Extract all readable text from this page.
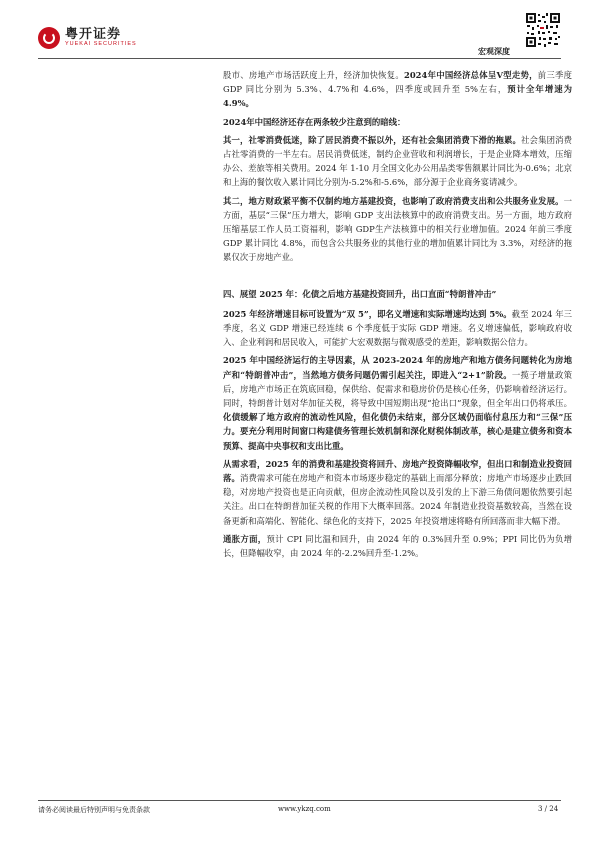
粤开证券
YUEKAI SECURITIES
宏观深度

股市、房地产市场活跃度上升，经济加快恢复。2024年中国经济总体呈V型走势，前三季度 GDP 同比分别为 5.3%、4.7%和 4.6%，四季度或回升至 5%左右，预计全年增速为 4.9%。

2024年中国经济还存在两条较少注意到的暗线：

其一，社零消费低迷，除了居民消费不振以外，还有社会集团消费下滑的拖累。社会集团消费占社零消费的一半左右。居民消费低迷，制约企业营收和利润增长，于是企业降本增效，压缩办公、差旅等相关费用。2024 年 1-10 月全国文化办公用品类零售额累计同比为-0.6%；北京和上海的餐饮收入累计同比分别为-5.2%和-5.6%，部分源于企业商务宴请减少。

其二，地方财政紧平衡不仅制约地方基建投资，也影响了政府消费支出和公共服务业发展。一方面，基层“三保”压力增大，影响 GDP 支出法核算中的政府消费支出。另一方面，地方政府压缩基层工作人员工资福利，影响 GDP生产法核算中的相关行业增加值。2024 年前三季度 GDP 累计同比 4.8%，而包含公共服务业的其他行业的增加值累计同比为 3.3%，对经济的拖累仅次于房地产业。

四、展望 2025 年：化债之后地方基建投资回升，出口直面“特朗普冲击”

2025 年经济增速目标可设置为“双 5”，即名义增速和实际增速均达到 5%。截至 2024 年三季度，名义 GDP 增速已经连续 6 个季度低于实际 GDP 增速。名义增速偏低，影响政府收入、企业利润和居民收入，可能扩大宏观数据与微观感受的差距，影响数据公信力。

2025 年中国经济运行的主导因素，从 2023-2024 年的房地产和地方债务问题转化为房地产和“特朗普冲击”，当然地方债务问题仍需引起关注，即进入“2+1”阶段。一揽子增量政策后，房地产市场正在筑底回稳，保供给、促需求和稳房价仍是核心任务，仍影响着经济运行。同时，特朗普计划对华加征关税，将导致中国短期出现“抢出口”现象，但全年出口仍将承压。化债缓解了地方政府的流动性风险，但化债仍未结束，部分区域仍面临付息压力和“三保”压力。要充分利用时间窗口构建债务管理长效机制和深化财税体制改革，核心是建立债务和资本预算、提高中央事权和支出比重。

从需求看，2025 年的消费和基建投资将回升、房地产投资降幅收窄，但出口和制造业投资回落。消费需求可能在房地产和资本市场逐步稳定的基础上而部分释放；房地产市场逐步止跌回稳，对房地产投资也是正向贡献，但房企流动性风险以及引发的上下游三角债问题依然要引起关注。出口在特朗普加征关税的作用下大概率回落。2024 年制造业投资基数较高，当然在设备更新和高端化、智能化、绿色化的支持下，2025 年投资增速将略有所回落而非大幅下滑。

通胀方面，预计 CPI 同比温和回升，由 2024 年的 0.3%回升至 0.9%；PPI 同比仍为负增长，但降幅收窄，由 2024 年的-2.2%回升至-1.2%。

请务必阅读最后特别声明与免责条款	www.ykzq.com	3 / 24
